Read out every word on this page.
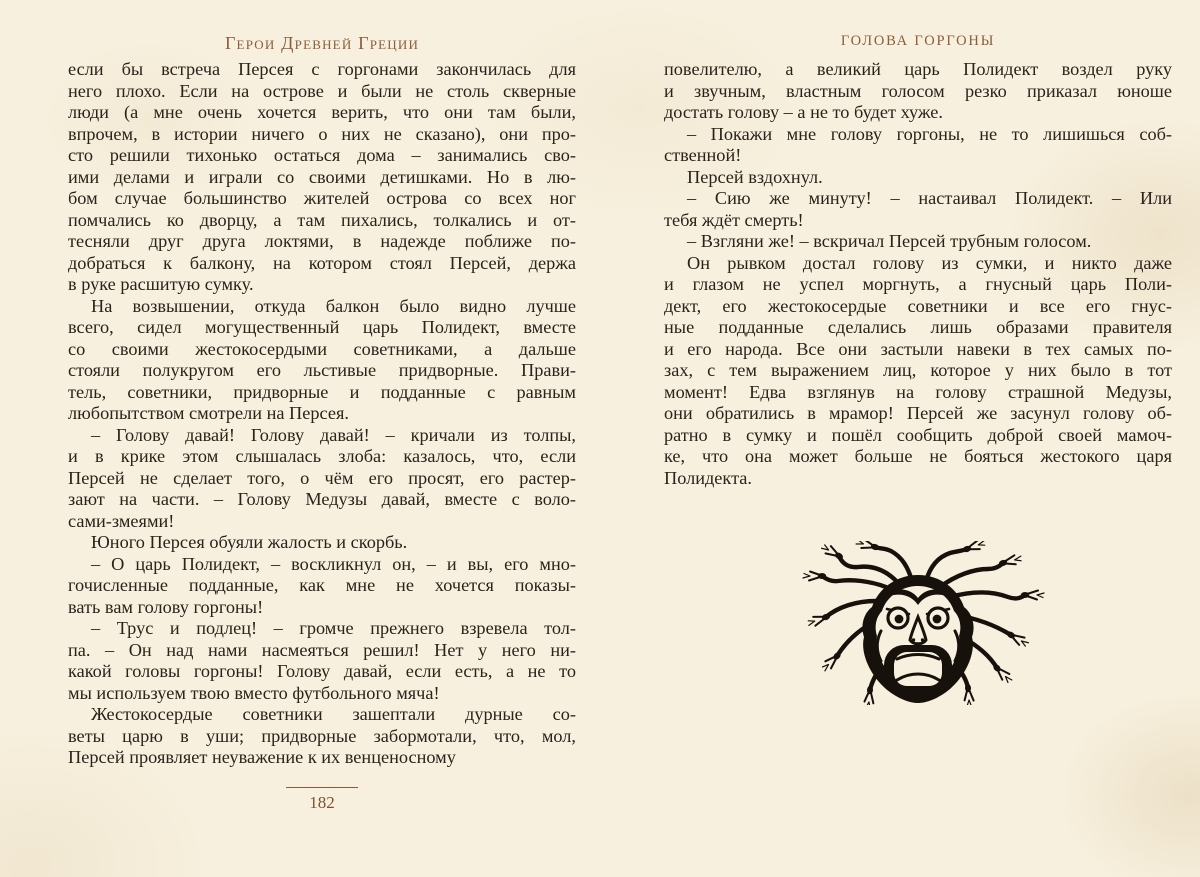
Герои Древней Греции
если бы встреча Персея с горгонами закончилась для
него плохо. Если на острове и были не столь скверные
люди (а мне очень хочется верить, что они там были,
впрочем, в истории ничего о них не сказано), они про-
сто решили тихонько остаться дома – занимались сво-
ими делами и играли со своими детишками. Но в лю-
бом случае большинство жителей острова со всех ног
помчались ко дворцу, а там пихались, толкались и от-
тесняли друг друга локтями, в надежде поближе по-
добраться к балкону, на котором стоял Персей, держа
в руке расшитую сумку.
На возвышении, откуда балкон было видно лучше
всего, сидел могущественный царь Полидект, вместе
со своими жестокосердыми советниками, а дальше
стояли полукругом его льстивые придворные. Прави-
тель, советники, придворные и подданные с равным
любопытством смотрели на Персея.
– Голову давай! Голову давай! – кричали из толпы,
и в крике этом слышалась злоба: казалось, что, если
Персей не сделает того, о чём его просят, его растер-
зают на части. – Голову Медузы давай, вместе с воло-
сами-змеями!
Юного Персея обуяли жалость и скорбь.
– О царь Полидект, – воскликнул он, – и вы, его мно-
гочисленные подданные, как мне не хочется показы-
вать вам голову горгоны!
– Трус и подлец! – громче прежнего взревела тол-
па. – Он над нами насмеяться решил! Нет у него ни-
какой головы горгоны! Голову давай, если есть, а не то
мы используем твою вместо футбольного мяча!
Жестокосердые советники зашептали дурные со-
веты царю в уши; придворные забормотали, что, мол,
Персей проявляет неуважение к их венценосному
182
ГОЛОВА ГОРГОНЫ
повелителю, а великий царь Полидект воздел руку
и звучным, властным голосом резко приказал юноше
достать голову – а не то будет хуже.
– Покажи мне голову горгоны, не то лишишься соб-
ственной!
Персей вздохнул.
– Сию же минуту! – настаивал Полидект. – Или
тебя ждёт смерть!
– Взгляни же! – вскричал Персей трубным голосом.
Он рывком достал голову из сумки, и никто даже
и глазом не успел моргнуть, а гнусный царь Поли-
дект, его жестокосердые советники и все его гнус-
ные подданные сделались лишь образами правителя
и его народа. Все они застыли навеки в тех самых по-
зах, с тем выражением лиц, которое у них было в тот
момент! Едва взглянув на голову страшной Медузы,
они обратились в мрамор! Персей же засунул голову об-
ратно в сумку и пошёл сообщить доброй своей мамоч-
ке, что она может больше не бояться жестокого царя
Полидекта.
